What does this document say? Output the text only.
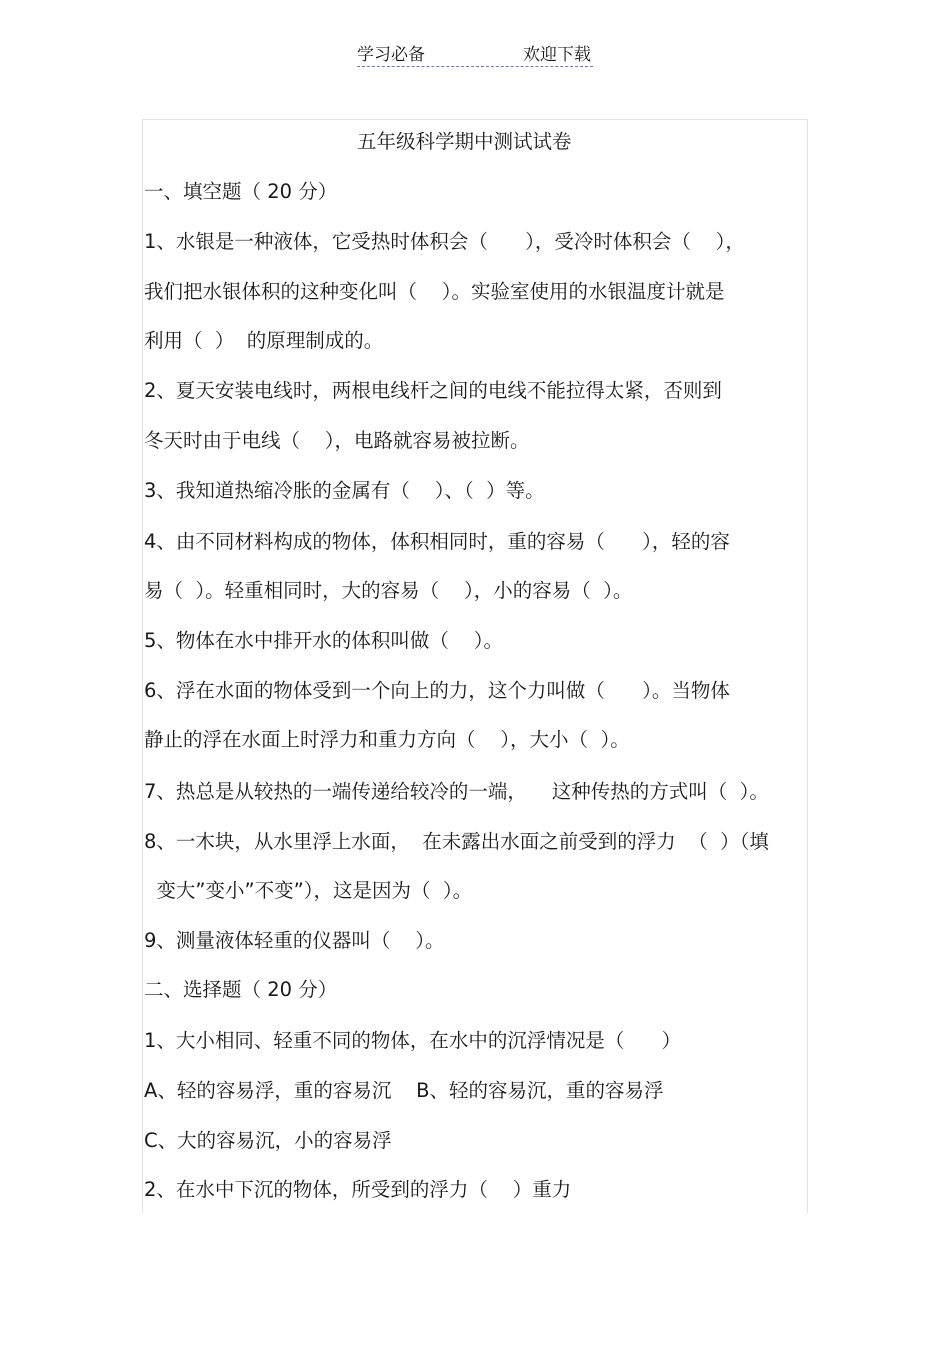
学习必备	欢迎下载
五年级科学期中测试试卷
一、填空题（ 20 分）
1、水银是一种液体，它受热时体积会（      ），受冷时体积会（    ），
我们把水银体积的这种变化叫（    ）。实验室使用的水银温度计就是
利用（  ）  的原理制成的。
2、夏天安装电线时，两根电线杆之间的电线不能拉得太紧，否则到
冬天时由于电线（    ），电路就容易被拉断。
3、我知道热缩冷胀的金属有（    ）、（  ）等。
4、由不同材料构成的物体，体积相同时，重的容易（      ），轻的容
易（  ）。轻重相同时，大的容易（    ），小的容易（  ）。
5、物体在水中排开水的体积叫做（    ）。
6、浮在水面的物体受到一个向上的力，这个力叫做（      ）。当物体
静止的浮在水面上时浮力和重力方向（    ），大小（  ）。
7、热总是从较热的一端传递给较冷的一端，    这种传热的方式叫（  ）。
8、一木块，从水里浮上水面，  在未露出水面之前受到的浮力  （  ）（填
变大”变小”不变”），这是因为（  ）。
9、测量液体轻重的仪器叫（    ）。
二、选择题（ 20 分）
1、大小相同、轻重不同的物体，在水中的沉浮情况是（      ）
A、轻的容易浮，重的容易沉    B、轻的容易沉，重的容易浮
C、大的容易沉，小的容易浮
2、在水中下沉的物体，所受到的浮力（    ）重力
